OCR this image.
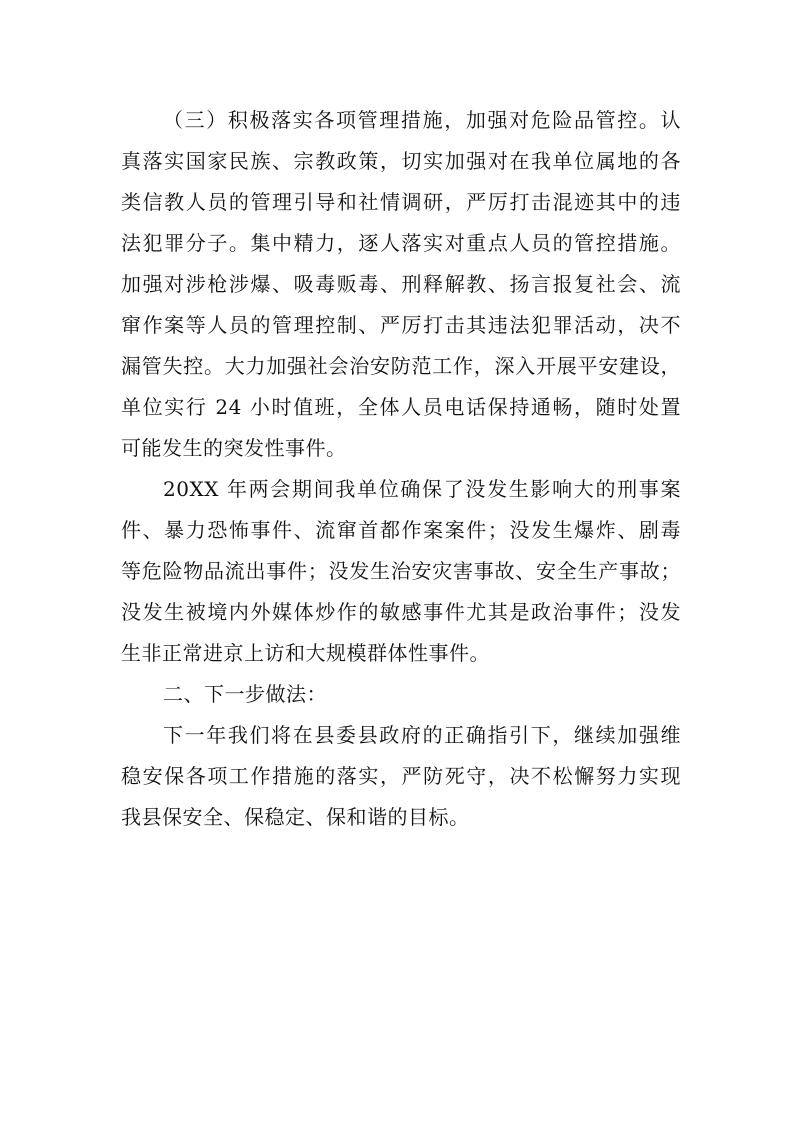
（三）积极落实各项管理措施，加强对危险品管控。认
真落实国家民族、宗教政策，切实加强对在我单位属地的各
类信教人员的管理引导和社情调研，严厉打击混迹其中的违
法犯罪分子。集中精力，逐人落实对重点人员的管控措施。
加强对涉枪涉爆、吸毒贩毒、刑释解教、扬言报复社会、流
窜作案等人员的管理控制、严厉打击其违法犯罪活动，决不
漏管失控。大力加强社会治安防范工作，深入开展平安建设，
单位实行 24 小时值班，全体人员电话保持通畅，随时处置
可能发生的突发性事件。
20XX 年两会期间我单位确保了没发生影响大的刑事案
件、暴力恐怖事件、流窜首都作案案件；没发生爆炸、剧毒
等危险物品流出事件；没发生治安灾害事故、安全生产事故；
没发生被境内外媒体炒作的敏感事件尤其是政治事件；没发
生非正常进京上访和大规模群体性事件。
二、下一步做法：
下一年我们将在县委县政府的正确指引下，继续加强维
稳安保各项工作措施的落实，严防死守，决不松懈努力实现
我县保安全、保稳定、保和谐的目标。
